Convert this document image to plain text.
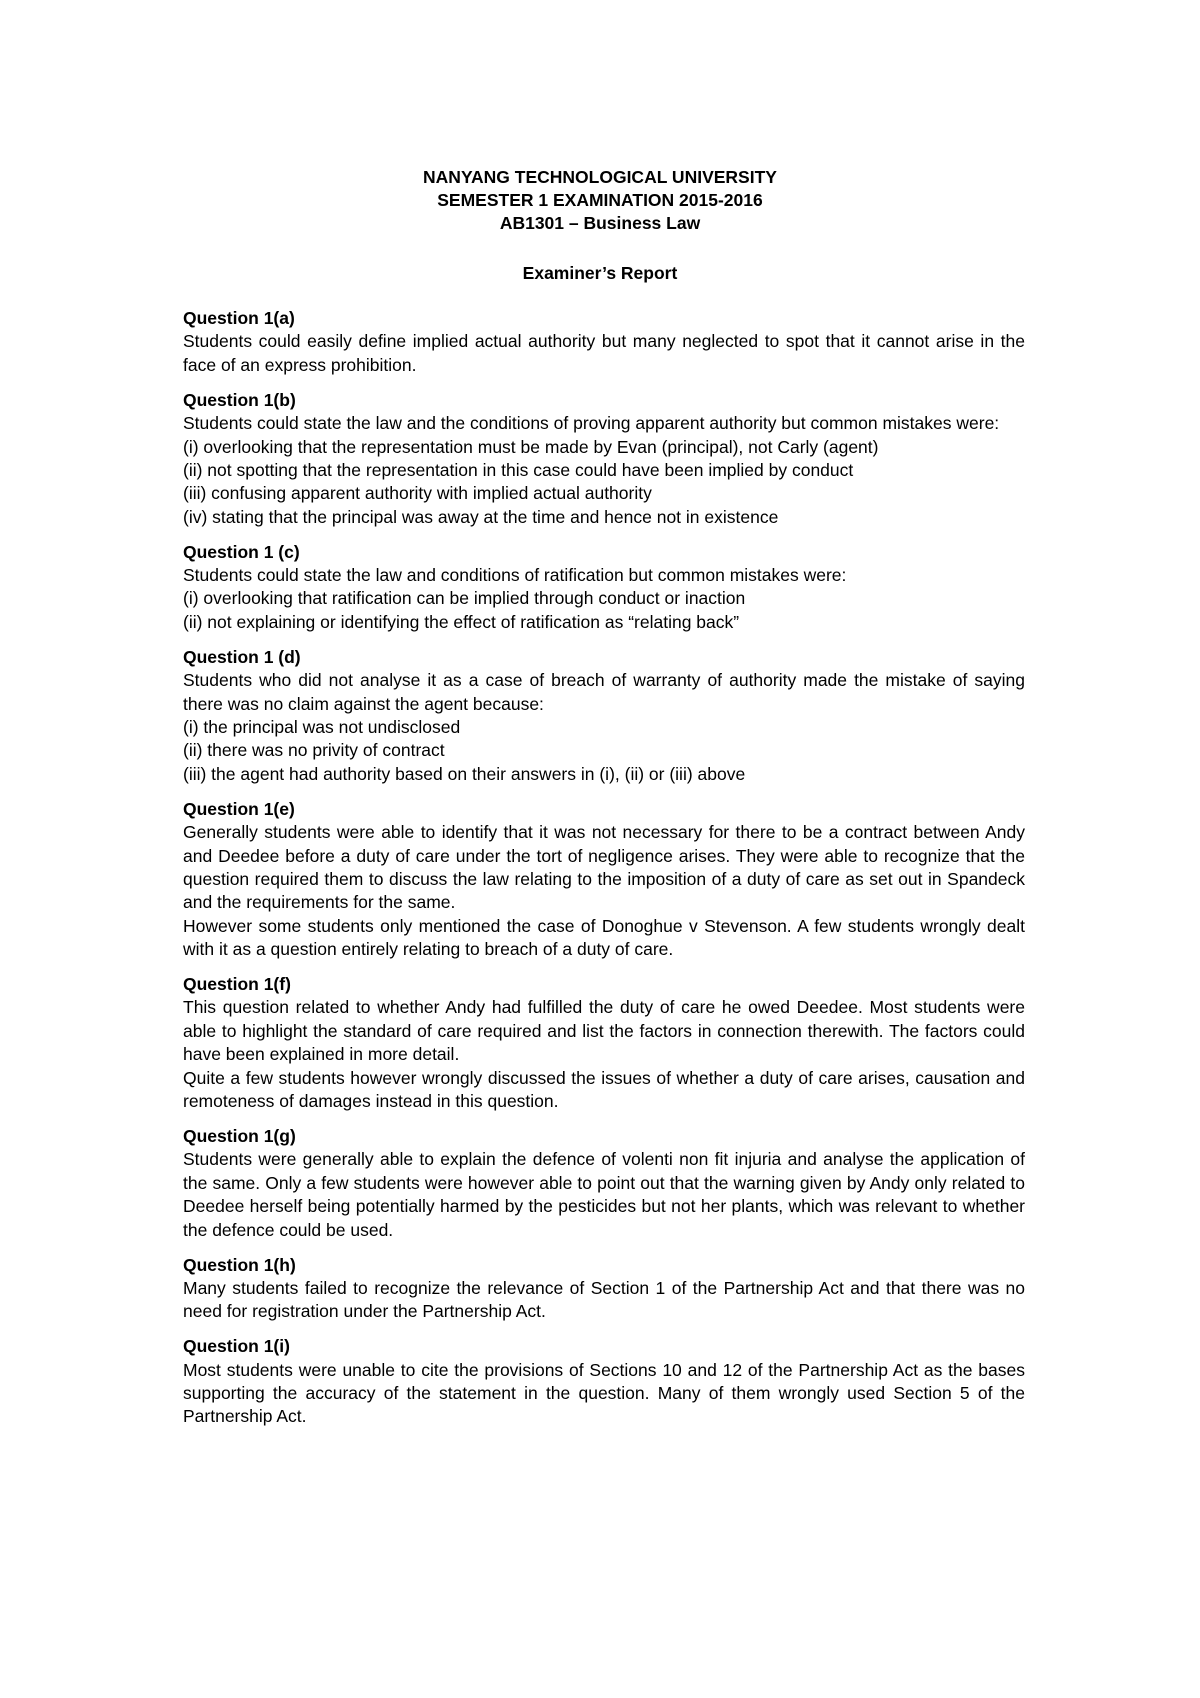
NANYANG TECHNOLOGICAL UNIVERSITY
SEMESTER 1 EXAMINATION 2015-2016
AB1301 – Business Law
Examiner’s Report
Question 1(a)
Students could easily define implied actual authority but many neglected to spot that it cannot arise in the face of an express prohibition.
Question 1(b)
Students could state the law and the conditions of proving apparent authority but common mistakes were:
(i) overlooking that the representation must be made by Evan (principal), not Carly (agent)
(ii) not spotting that the representation in this case could have been implied by conduct
(iii) confusing apparent authority with implied actual authority
(iv) stating that the principal was away at the time and hence not in existence
Question 1 (c)
Students could state the law and conditions of ratification but common mistakes were:
(i) overlooking that ratification can be implied through conduct or inaction
(ii) not explaining or identifying the effect of ratification as “relating back”
Question 1 (d)
Students who did not analyse it as a case of breach of warranty of authority made the mistake of saying there was no claim against the agent because:
(i) the principal was not undisclosed
(ii) there was no privity of contract
(iii) the agent had authority based on their answers in (i), (ii) or (iii) above
Question 1(e)
Generally students were able to identify that it was not necessary for there to be a contract between Andy and Deedee before a duty of care under the tort of negligence arises. They were able to recognize that the question required them to discuss the law relating to the imposition of a duty of care as set out in Spandeck and the requirements for the same.
However some students only mentioned the case of Donoghue v Stevenson. A few students wrongly dealt with it as a question entirely relating to breach of a duty of care.
Question 1(f)
This question related to whether Andy had fulfilled the duty of care he owed Deedee. Most students were able to highlight the standard of care required and list the factors in connection therewith. The factors could have been explained in more detail.
Quite a few students however wrongly discussed the issues of whether a duty of care arises, causation and remoteness of damages instead in this question.
Question 1(g)
Students were generally able to explain the defence of volenti non fit injuria and analyse the application of the same. Only a few students were however able to point out that the warning given by Andy only related to Deedee herself being potentially harmed by the pesticides but not her plants, which was relevant to whether the defence could be used.
Question 1(h)
Many students failed to recognize the relevance of Section 1 of the Partnership Act and that there was no need for registration under the Partnership Act.
Question 1(i)
Most students were unable to cite the provisions of Sections 10 and 12 of the Partnership Act as the bases supporting the accuracy of the statement in the question. Many of them wrongly used Section 5 of the Partnership Act.
